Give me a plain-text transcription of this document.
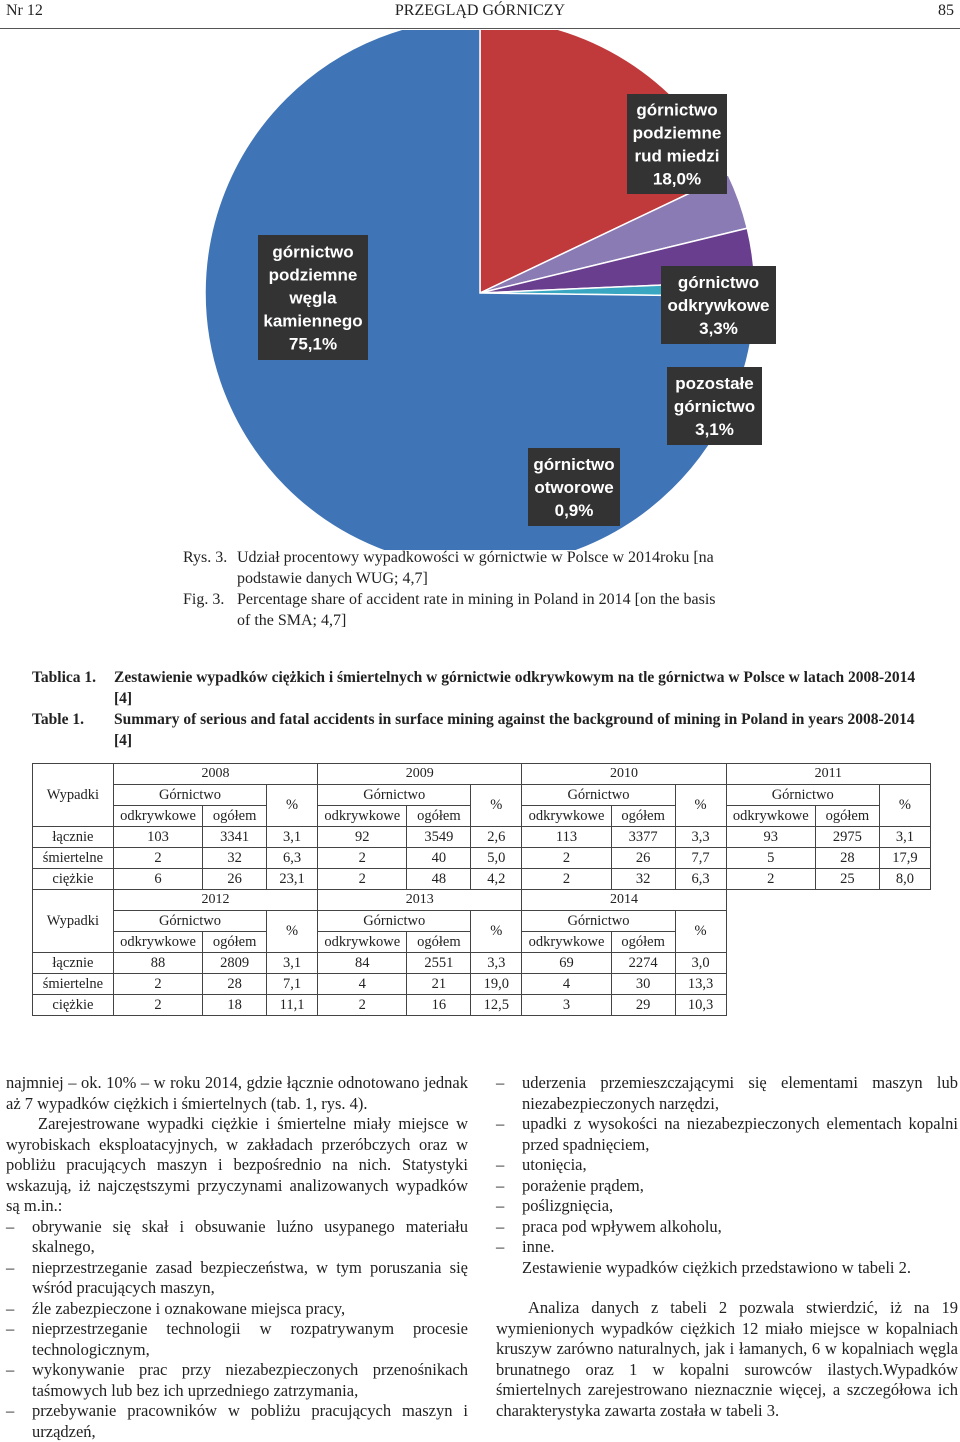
Nr 12	PRZEGLĄD GÓRNICZY	85
górnictwo
podziemne
węgla
kamiennego
75,1%
górnictwo
podziemne
rud miedzi
18,0%
górnictwo
odkrywkowe
3,3%
pozostałe
górnictwo
3,1%
górnictwo
otworowe
0,9%
Rys. 3. Udział procentowy wypadkowości w górnictwie w Polsce w 2014roku [na
podstawie danych WUG; 4,7]
Fig. 3. Percentage share of accident rate in mining in Poland in 2014 [on the basis
of the SMA; 4,7]
Tablica 1. Zestawienie wypadków ciężkich i śmiertelnych w górnictwie odkrywkowym na tle górnictwa w Polsce w latach 2008-2014 [4]
Table 1. Summary of serious and fatal accidents in surface mining against the background of mining in Poland in years 2008-2014 [4]
Wypadki	2008			2009			2010			2011		
	Górnictwo		%	Górnictwo		%	Górnictwo		%	Górnictwo		%
	odkrywkowe	ogółem		odkrywkowe	ogółem		odkrywkowe	ogółem		odkrywkowe	ogółem	
łącznie	103	3341	3,1	92	3549	2,6	113	3377	3,3	93	2975	3,1
śmiertelne	2	32	6,3	2	40	5,0	2	26	7,7	5	28	17,9
ciężkie	6	26	23,1	2	48	4,2	2	32	6,3	2	25	8,0
Wypadki	2012			2013			2014					
	Górnictwo		%	Górnictwo		%	Górnictwo		%			
	odkrywkowe	ogółem		odkrywkowe	ogółem		odkrywkowe	ogółem				
łącznie	88	2809	3,1	84	2551	3,3	69	2274	3,0			
śmiertelne	2	28	7,1	4	21	19,0	4	30	13,3			
ciężkie	2	18	11,1	2	16	12,5	3	29	10,3			

najmniej – ok. 10% – w roku 2014, gdzie łącznie odnotowano jednak aż 7 wypadków ciężkich i śmiertelnych (tab. 1, rys. 4).

Zarejestrowane wypadki ciężkie i śmiertelne miały miejsce w wyrobiskach eksploatacyjnych, w zakładach przeróbczych oraz w pobliżu pracujących maszyn i bezpośrednio na nich. Statystyki wskazują, iż najczęstszymi przyczynami analizowanych wypadków są m.in.:

– obrywanie się skał i obsuwanie luźno usypanego materiału skalnego,
– nieprzestrzeganie zasad bezpieczeństwa, w tym poruszania się wśród pracujących maszyn,
– źle zabezpieczone i oznakowane miejsca pracy,
– nieprzestrzeganie technologii w rozpatrywanym procesie technologicznym,
– wykonywanie prac przy niezabezpieczonych przenośnikach taśmowych lub bez ich uprzedniego zatrzymania,
– przebywanie pracowników w pobliżu pracujących maszyn i urządzeń,
– uderzenia przemieszczającymi się elementami maszyn lub niezabezpieczonych narzędzi,
– upadki z wysokości na niezabezpieczonych elementach kopalni przed spadnięciem,
– utonięcia,
– porażenie prądem,
– poślizgnięcia,
– praca pod wpływem alkoholu,
– inne.

Zestawienie wypadków ciężkich przedstawiono w tabeli 2.

Analiza danych z tabeli 2 pozwala stwierdzić, iż na 19 wymienionych wypadków ciężkich 12 miało miejsce w kopalniach kruszyw zarówno naturalnych, jak i łamanych, 6 w kopalniach węgla brunatnego oraz 1 w kopalni surowców ilastych.Wypadków śmiertelnych zarejestrowano nieznacznie więcej, a szczegółowa ich charakterystyka zawarta została w tabeli 3.
